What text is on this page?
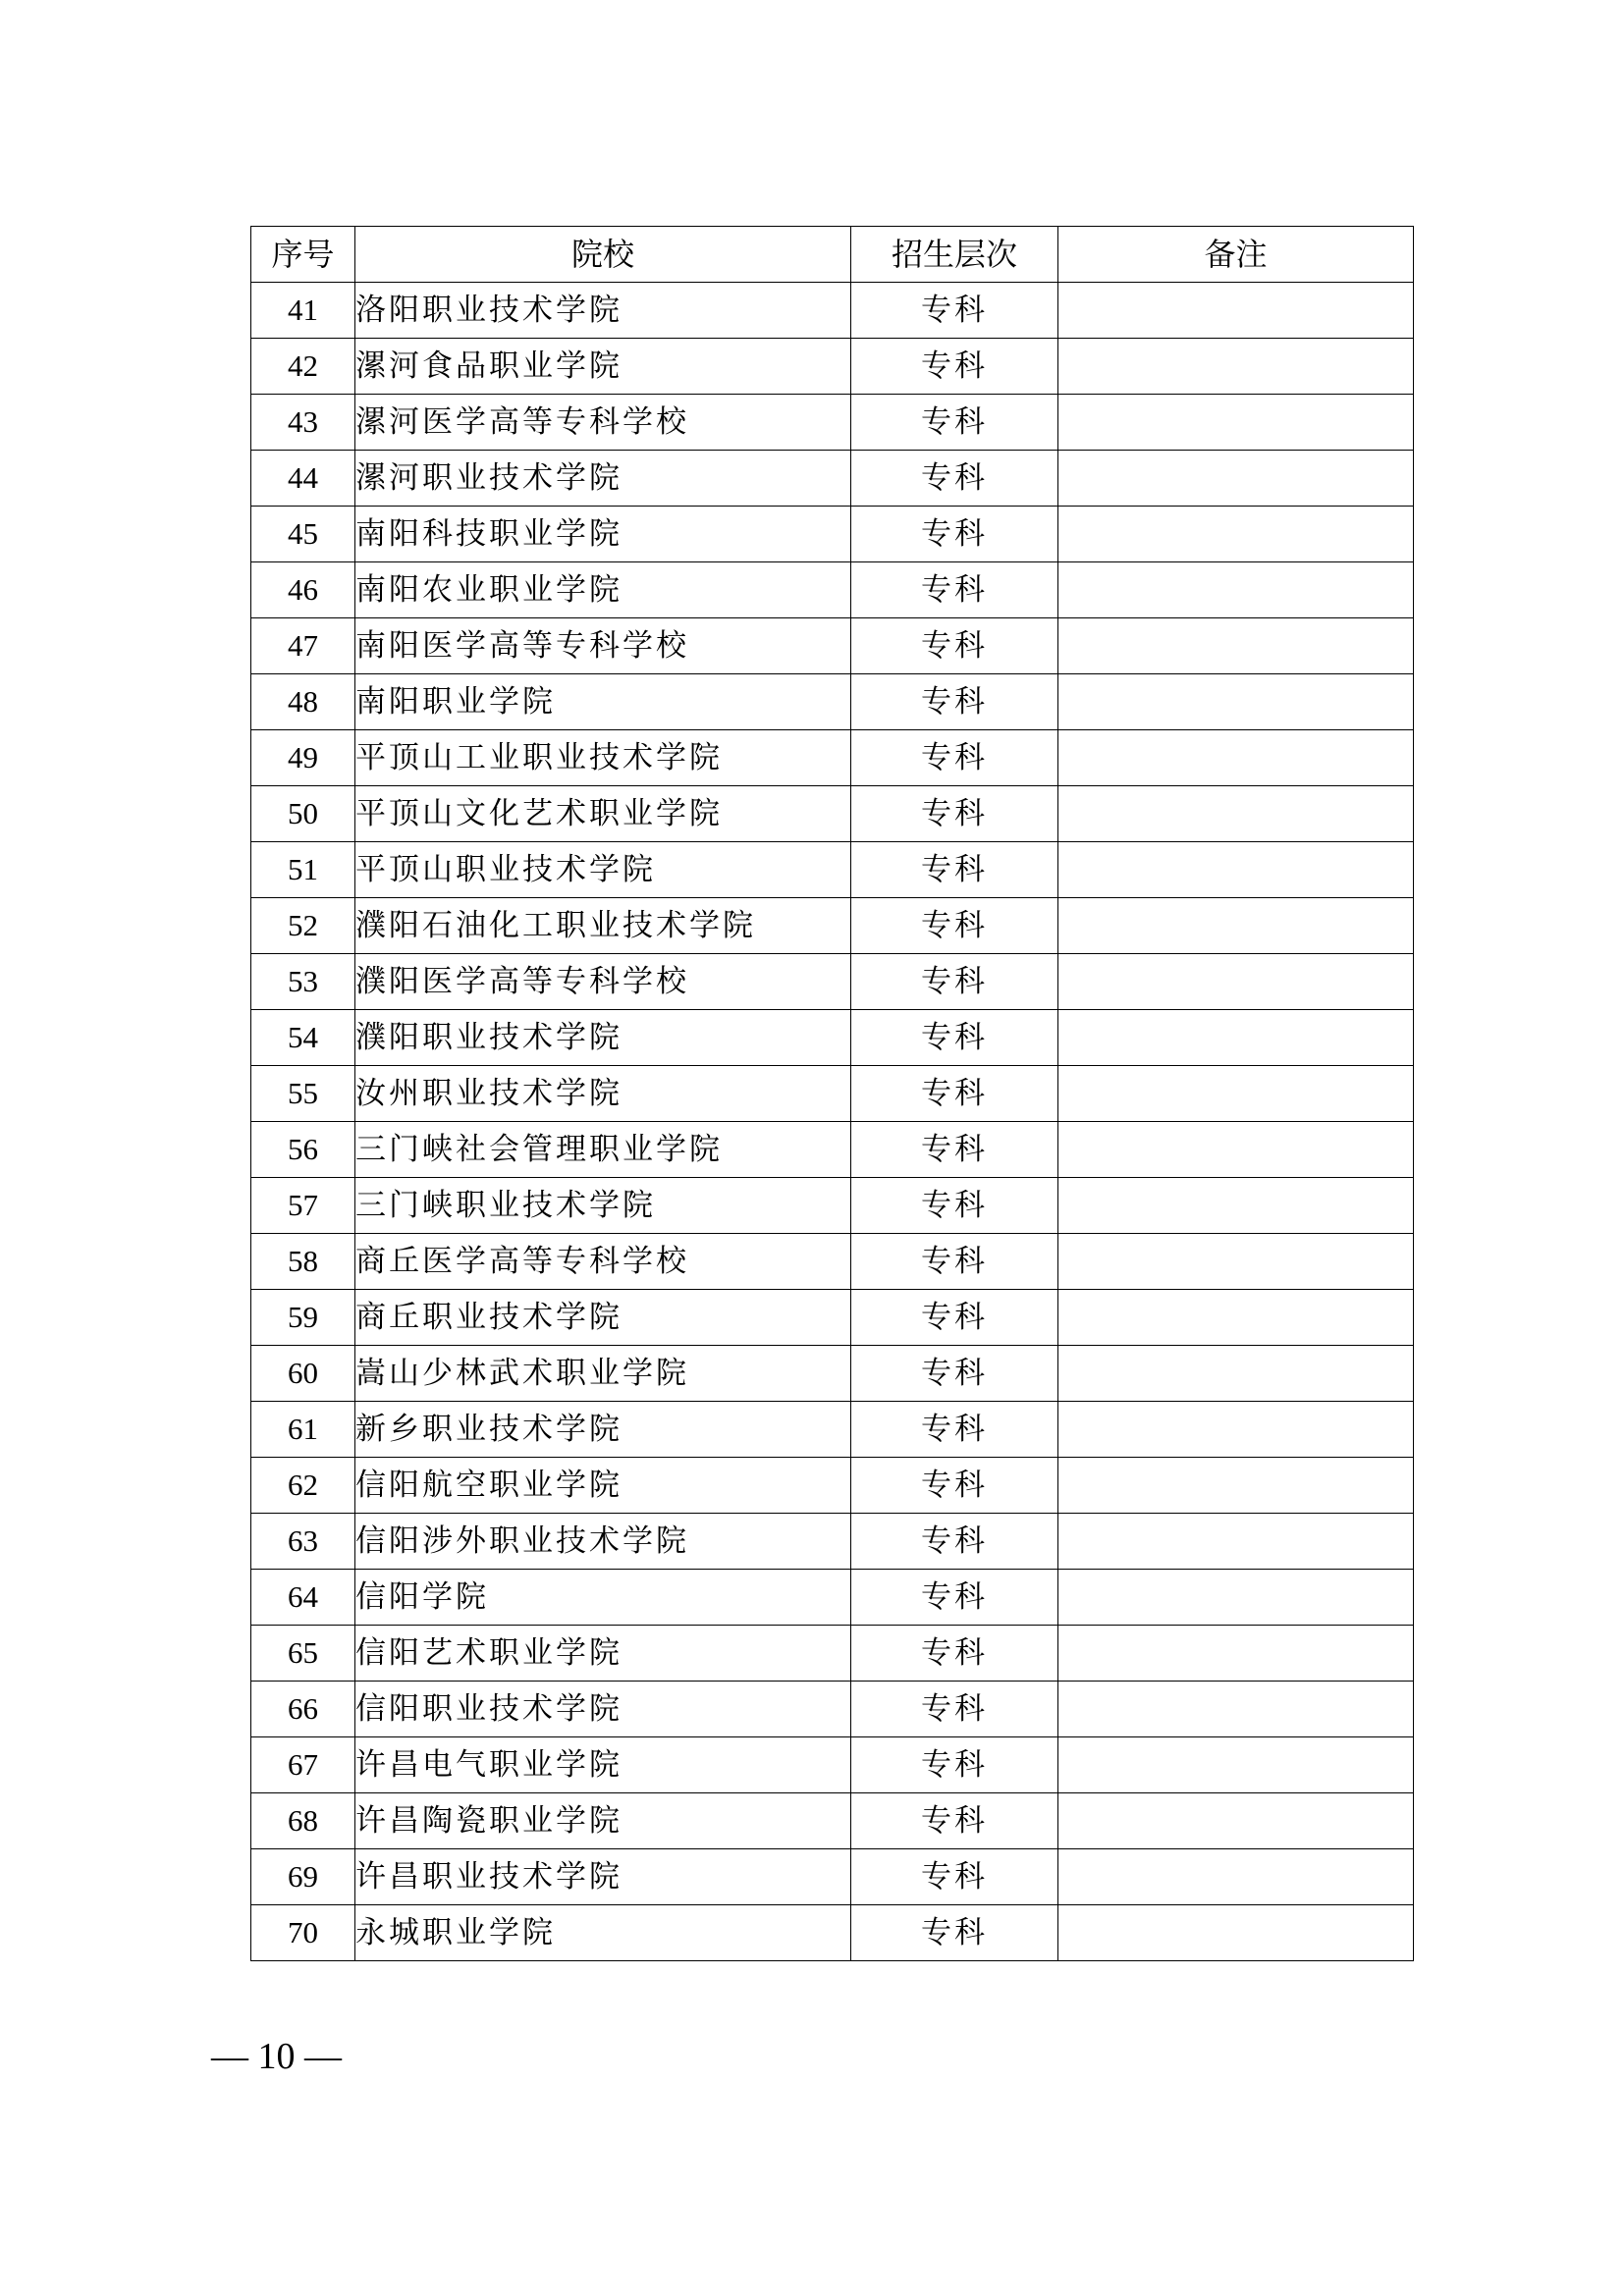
序号	院校	招生层次	备注
41	洛阳职业技术学院	专科	
42	漯河食品职业学院	专科	
43	漯河医学高等专科学校	专科	
44	漯河职业技术学院	专科	
45	南阳科技职业学院	专科	
46	南阳农业职业学院	专科	
47	南阳医学高等专科学校	专科	
48	南阳职业学院	专科	
49	平顶山工业职业技术学院	专科	
50	平顶山文化艺术职业学院	专科	
51	平顶山职业技术学院	专科	
52	濮阳石油化工职业技术学院	专科	
53	濮阳医学高等专科学校	专科	
54	濮阳职业技术学院	专科	
55	汝州职业技术学院	专科	
56	三门峡社会管理职业学院	专科	
57	三门峡职业技术学院	专科	
58	商丘医学高等专科学校	专科	
59	商丘职业技术学院	专科	
60	嵩山少林武术职业学院	专科	
61	新乡职业技术学院	专科	
62	信阳航空职业学院	专科	
63	信阳涉外职业技术学院	专科	
64	信阳学院	专科	
65	信阳艺术职业学院	专科	
66	信阳职业技术学院	专科	
67	许昌电气职业学院	专科	
68	许昌陶瓷职业学院	专科	
69	许昌职业技术学院	专科	
70	永城职业学院	专科	
— 10 —
